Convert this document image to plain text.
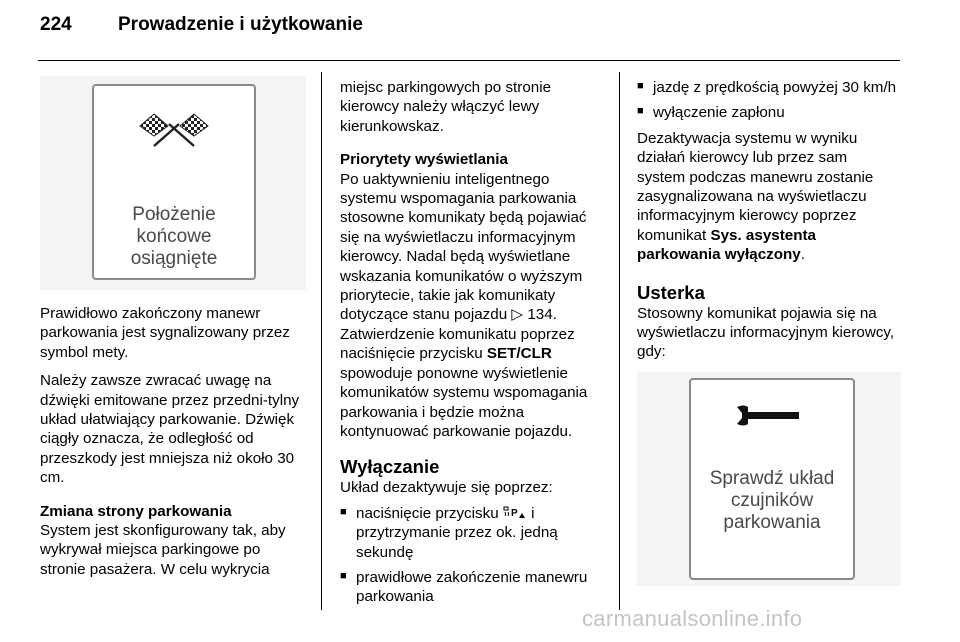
224 Prowadzenie i użytkowanie
Położenie
końcowe
osiągnięte

Prawidłowo zakończony manewr parkowania jest sygnalizowany przez symbol mety.

Należy zawsze zwracać uwagę na dźwięki emitowane przez przedni-tylny układ ułatwiający parkowanie. Dźwięk ciągły oznacza, że odległość od przeszkody jest mniejsza niż około 30 cm.

Zmiana strony parkowania

System jest skonfigurowany tak, aby wykrywał miejsca parkingowe po stronie pasażera. W celu wykrycia

miejsc parkingowych po stronie kierowcy należy włączyć lewy kierunkowskaz.

Priorytety wyświetlania

Po uaktywnieniu inteligentnego systemu wspomagania parkowania stosowne komunikaty będą pojawiać się na wyświetlaczu informacyjnym kierowcy. Nadal będą wyświetlane wskazania komunikatów o wyższym priorytecie, takie jak komunikaty dotyczące stanu pojazdu ▷ 134.

Zatwierdzenie komunikatu poprzez naciśnięcie przycisku SET/CLR spowoduje ponowne wyświetlenie komunikatów systemu wspomagania parkowania i będzie można kontynuować parkowanie pojazdu.

Wyłączanie

Układ dezaktywuje się poprzez:

■ naciśnięcie przycisku P i przytrzymanie przez ok. jedną sekundę
■ prawidłowe zakończenie manewru parkowania
■ jazdę z prędkością powyżej 30 km/h
■ wyłączenie zapłonu

Dezaktywacja systemu w wyniku działań kierowcy lub przez sam system podczas manewru zostanie zasygnalizowana na wyświetlaczu informacyjnym kierowcy poprzez komunikat Sys. asystenta parkowania wyłączony.

Usterka

Stosowny komunikat pojawia się na wyświetlaczu informacyjnym kierowcy, gdy:

Sprawdź układ
czujników
parkowania
carmanualsonline.info
